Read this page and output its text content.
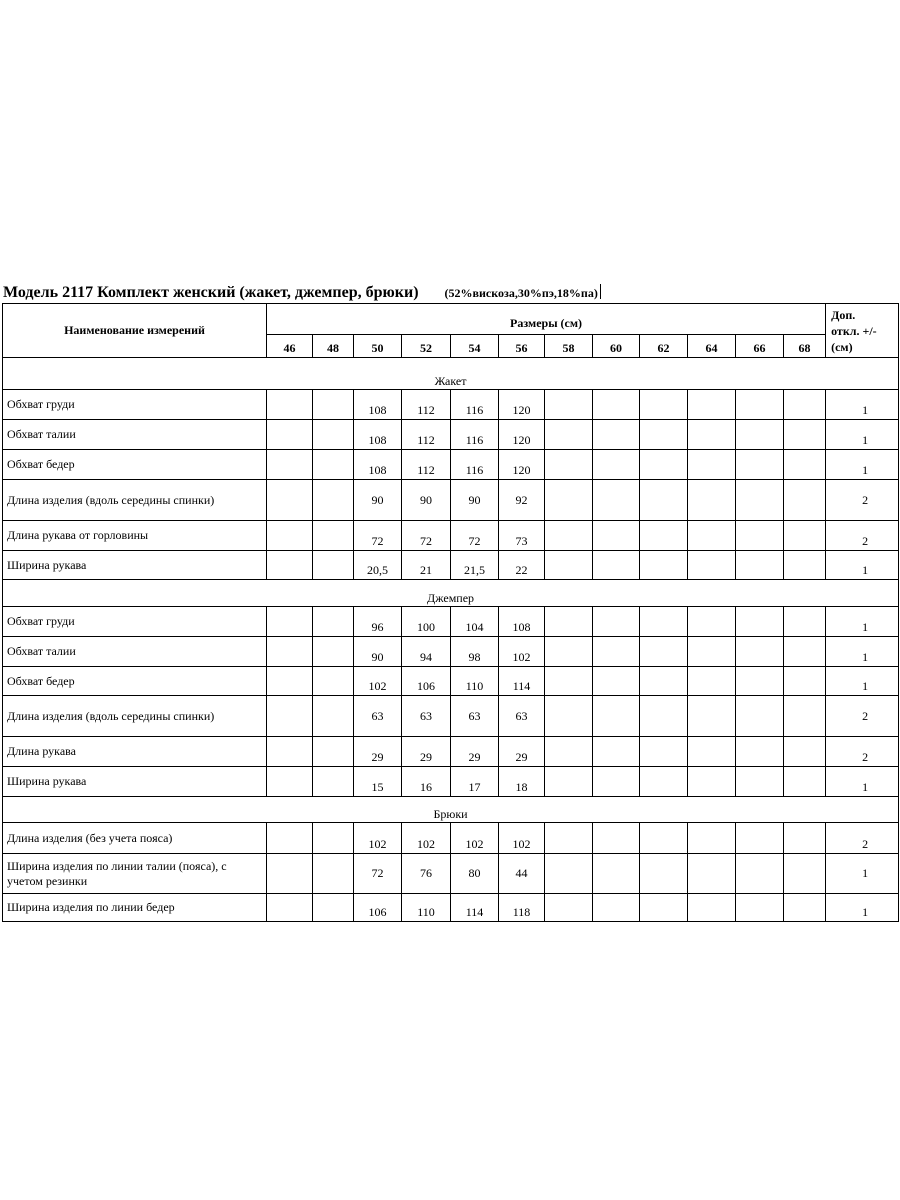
Модель 2117 Комплект женский (жакет, джемпер, брюки) (52%вискоза,30%пэ,18%па)
Наименование измерений	Размеры (см)												Доп.
откл. +/-
(см)
	46	48	50	52	54	56	58	60	62	64	66	68	
Жакет													
Обхват груди			108	112	116	120							1
Обхват талии			108	112	116	120							1
Обхват бедер			108	112	116	120							1
Длина изделия (вдоль середины спинки)			90	90	90	92							2
Длина рукава от горловины			72	72	72	73							2
Ширина рукава			20,5	21	21,5	22							1
Джемпер													
Обхват груди			96	100	104	108							1
Обхват талии			90	94	98	102							1
Обхват бедер			102	106	110	114							1
Длина изделия (вдоль середины спинки)			63	63	63	63							2
Длина рукава			29	29	29	29							2
Ширина рукава			15	16	17	18							1
Брюки													
Длина изделия (без учета пояса)			102	102	102	102							2
Ширина изделия по линии талии (пояса), с учетом резинки			72	76	80	44							1
Ширина изделия по линии бедер			106	110	114	118							1
